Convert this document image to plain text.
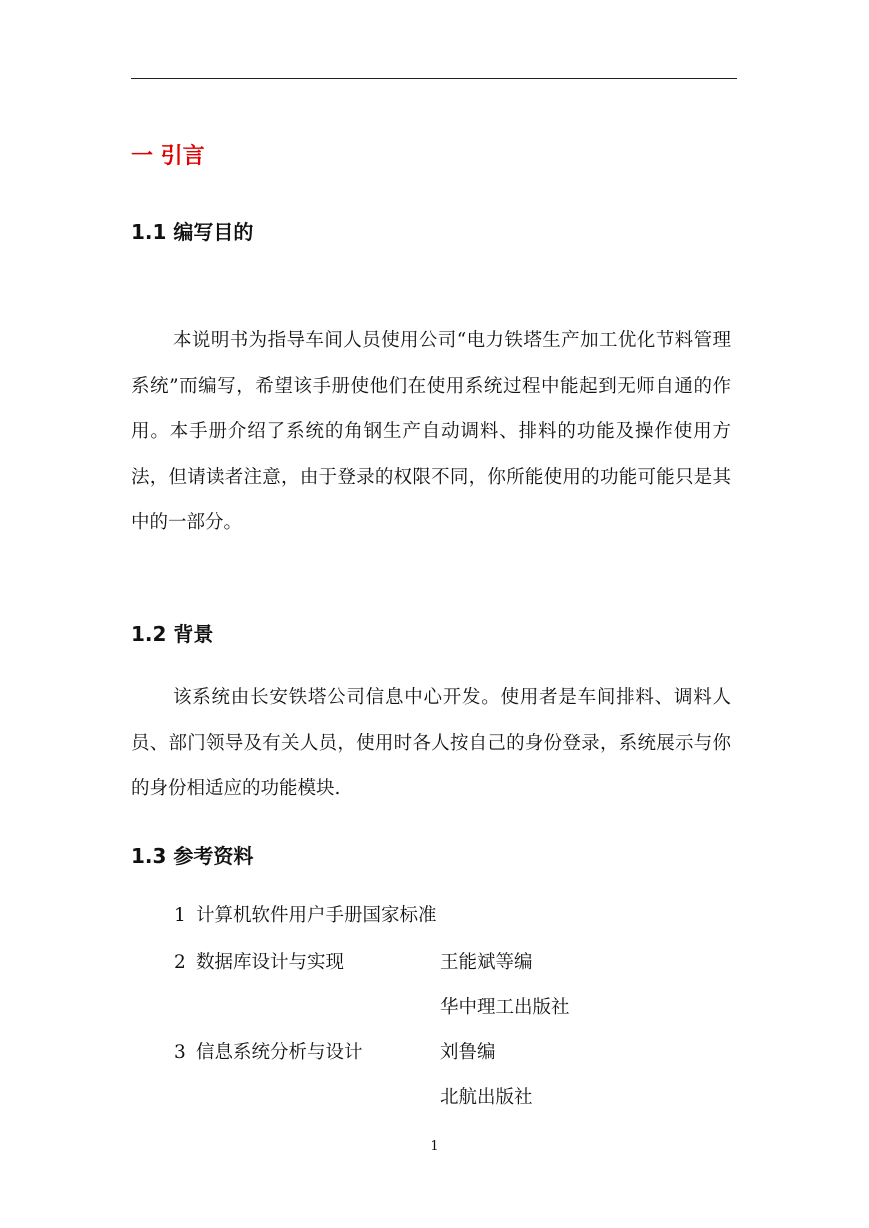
一 引言
1.1 编写目的
本说明书为指导车间人员使用公司“电力铁塔生产加工优化节料管理系统”而编写，希望该手册使他们在使用系统过程中能起到无师自通的作用。本手册介绍了系统的角钢生产自动调料、排料的功能及操作使用方法，但请读者注意，由于登录的权限不同，你所能使用的功能可能只是其中的一部分。
1.2 背景
该系统由长安铁塔公司信息中心开发。使用者是车间排料、调料人员、部门领导及有关人员，使用时各人按自己的身份登录，系统展示与你的身份相适应的功能模块.
1.3 参考资料
1 计算机软件用户手册国家标准
2 数据库设计与实现	王能斌等编
华中理工出版社
3 信息系统分析与设计	刘鲁编
北航出版社
1
